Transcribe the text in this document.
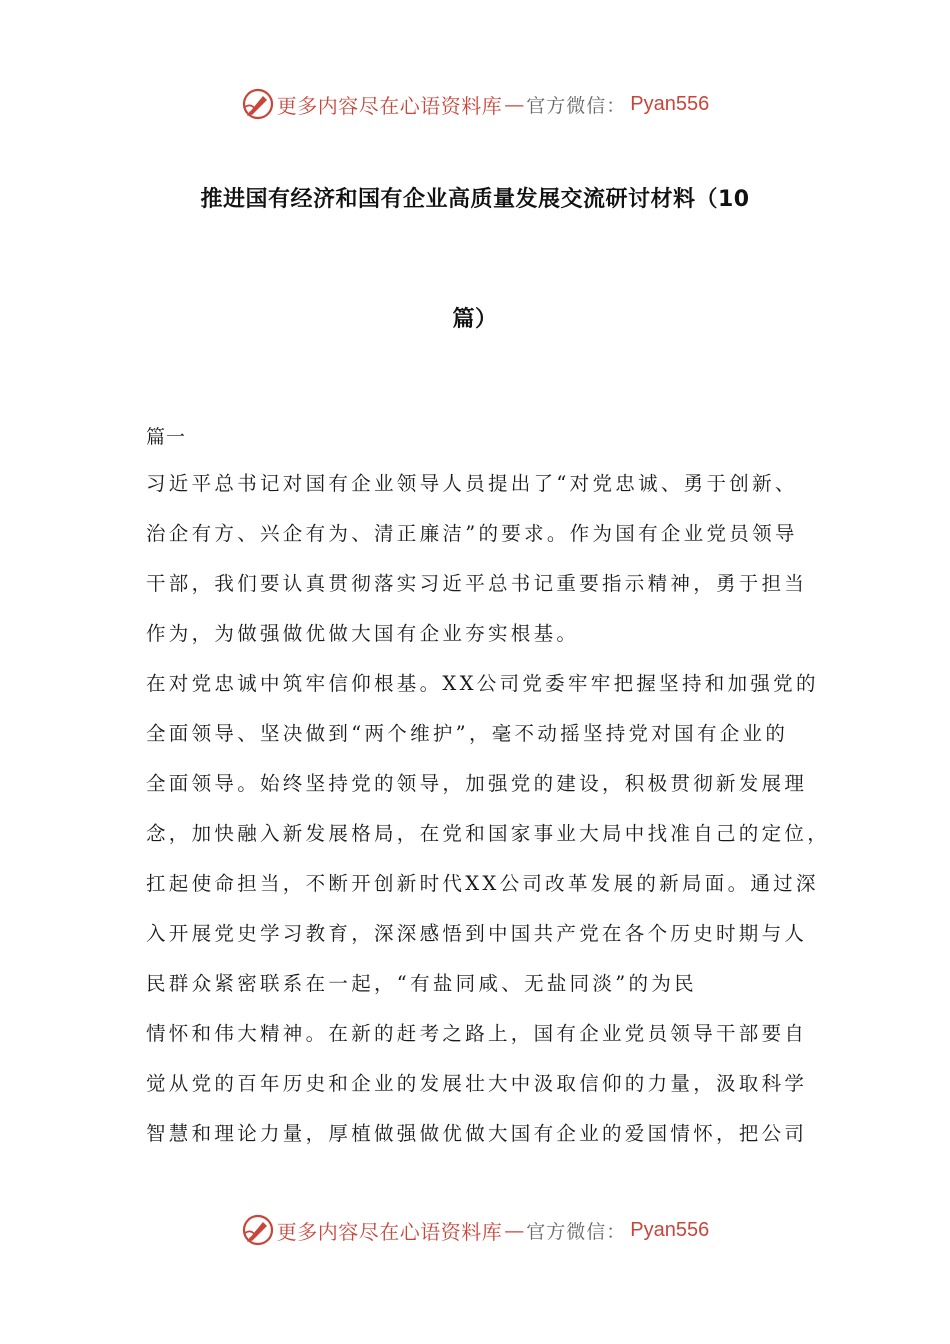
更多内容尽在心语资料库 — 官方微信： Pyan556
推进国有经济和国有企业高质量发展交流研讨材料（10
篇）
篇一
习近平总书记对国有企业领导人员提出了“对党忠诚、勇于创新、
治企有方、兴企有为、清正廉洁”的要求。作为国有企业党员领导
干部，我们要认真贯彻落实习近平总书记重要指示精神，勇于担当
作为，为做强做优做大国有企业夯实根基。
在对党忠诚中筑牢信仰根基。XX公司党委牢牢把握坚持和加强党的
全面领导、坚决做到“两个维护”，毫不动摇坚持党对国有企业的
全面领导。始终坚持党的领导，加强党的建设，积极贯彻新发展理
念，加快融入新发展格局，在党和国家事业大局中找准自己的定位，
扛起使命担当，不断开创新时代XX公司改革发展的新局面。通过深
入开展党史学习教育，深深感悟到中国共产党在各个历史时期与人
民群众紧密联系在一起，“有盐同咸、无盐同淡”的为民
情怀和伟大精神。在新的赶考之路上，国有企业党员领导干部要自
觉从党的百年历史和企业的发展壮大中汲取信仰的力量，汲取科学
智慧和理论力量，厚植做强做优做大国有企业的爱国情怀，把公司
更多内容尽在心语资料库 — 官方微信： Pyan556
